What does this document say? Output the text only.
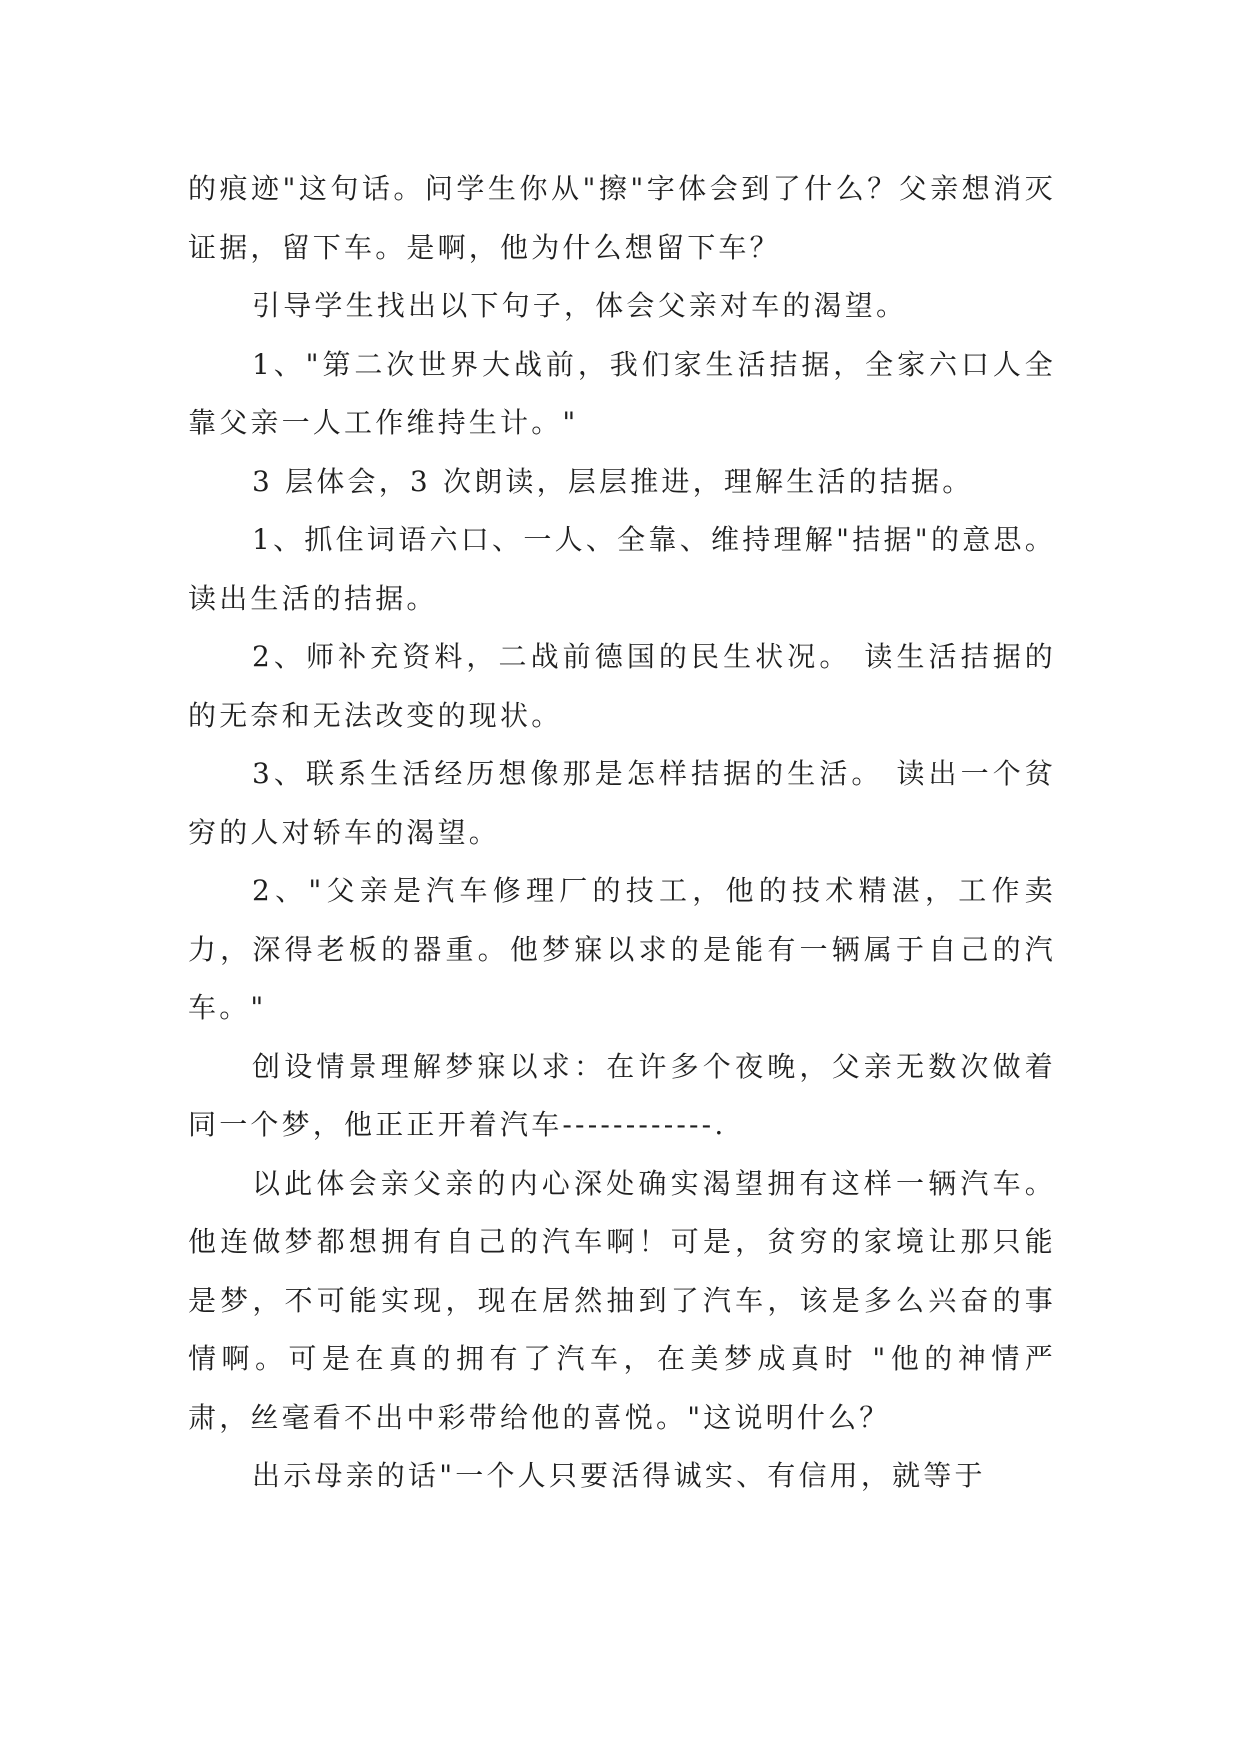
的痕迹"这句话。问学生你从"擦"字体会到了什么？父亲想消灭证据，留下车。是啊，他为什么想留下车？

引导学生找出以下句子，体会父亲对车的渴望。

1、"第二次世界大战前，我们家生活拮据，全家六口人全靠父亲一人工作维持生计。"

3 层体会，3 次朗读，层层推进，理解生活的拮据。

1、抓住词语六口、一人、全靠、维持理解"拮据"的意思。 读出生活的拮据。

2、师补充资料，二战前德国的民生状况。 读生活拮据的的无奈和无法改变的现状。

3、联系生活经历想像那是怎样拮据的生活。 读出一个贫穷的人对轿车的渴望。

2、"父亲是汽车修理厂的技工，他的技术精湛，工作卖力，深得老板的器重。他梦寐以求的是能有一辆属于自己的汽车。"

创设情景理解梦寐以求：在许多个夜晚，父亲无数次做着同一个梦，他正正开着汽车------------.

以此体会亲父亲的内心深处确实渴望拥有这样一辆汽车。 他连做梦都想拥有自己的汽车啊！可是，贫穷的家境让那只能是梦，不可能实现，现在居然抽到了汽车，该是多么兴奋的事情啊。可是在真的拥有了汽车，在美梦成真时 "他的神情严肃，丝毫看不出中彩带给他的喜悦。"这说明什么？

出示母亲的话"一个人只要活得诚实、有信用，就等于
